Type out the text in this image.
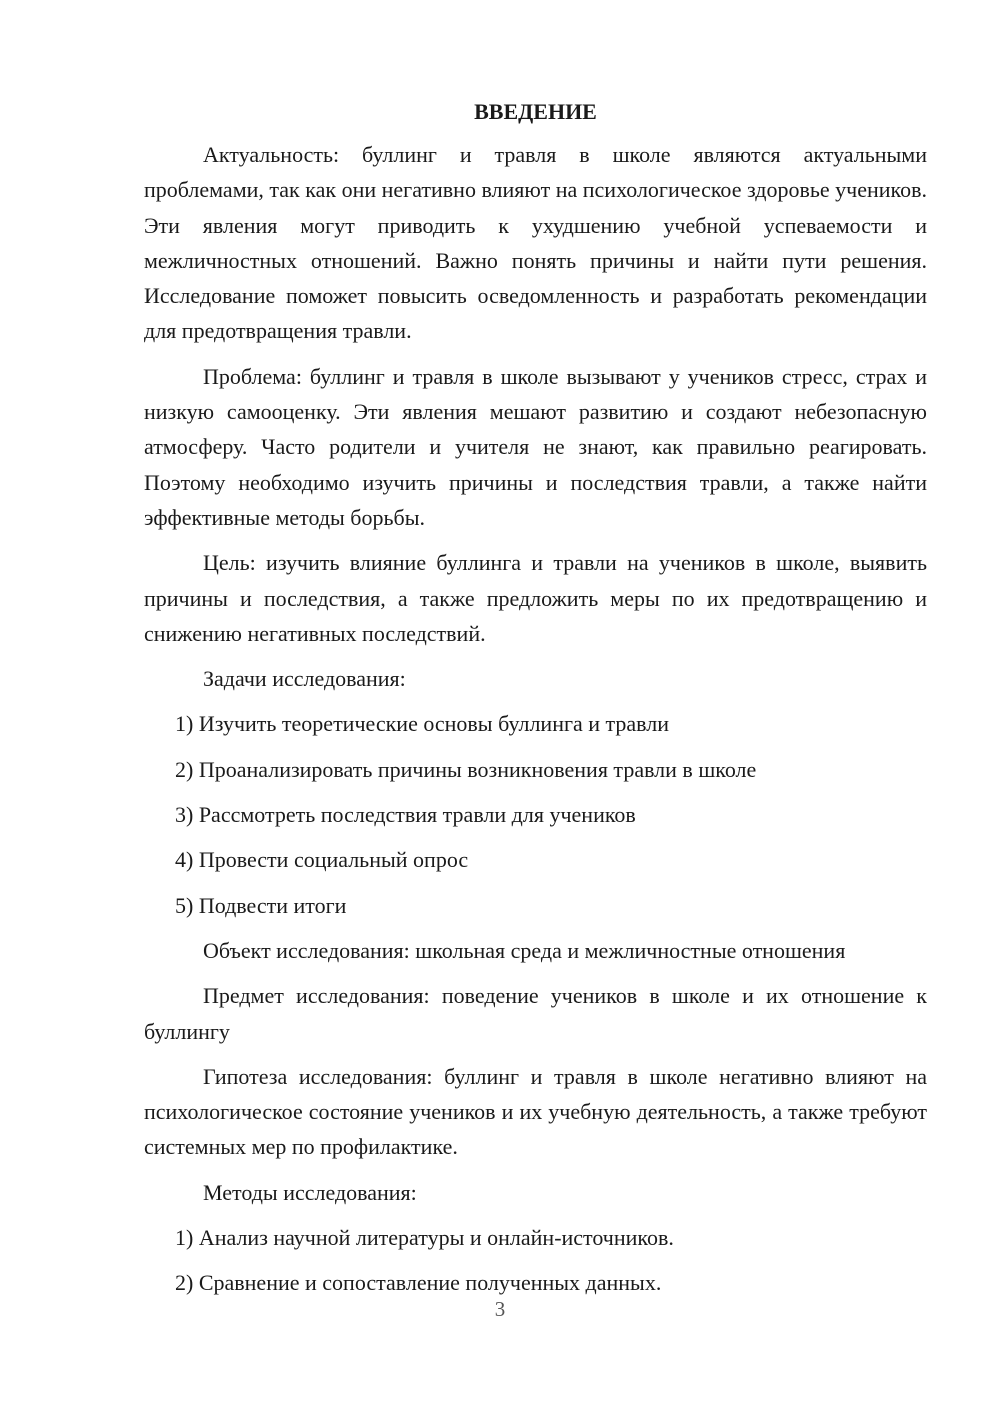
ВВЕДЕНИЕ

Актуальность: буллинг и травля в школе являются актуальными проблемами, так как они негативно влияют на психологическое здоровье учеников. Эти явления могут приводить к ухудшению учебной успеваемости и межличностных отношений. Важно понять причины и найти пути решения. Исследование поможет повысить осведомленность и разработать рекомендации для предотвращения травли.

Проблема: буллинг и травля в школе вызывают у учеников стресс, страх и низкую самооценку. Эти явления мешают развитию и создают небезопасную атмосферу. Часто родители и учителя не знают, как правильно реагировать. Поэтому необходимо изучить причины и последствия травли, а также найти эффективные методы борьбы.

Цель: изучить влияние буллинга и травли на учеников в школе, выявить причины и последствия, а также предложить меры по их предотвращению и снижению негативных последствий.

Задачи исследования:
1) Изучить теоретические основы буллинга и травли
2) Проанализировать причины возникновения травли в школе
3) Рассмотреть последствия травли для учеников
4) Провести социальный опрос
5) Подвести итоги

Объект исследования: школьная среда и межличностные отношения

Предмет исследования: поведение учеников в школе и их отношение к буллингу

Гипотеза исследования: буллинг и травля в школе негативно влияют на психологическое состояние учеников и их учебную деятельность, а также требуют системных мер по профилактике.

Методы исследования:
1) Анализ научной литературы и онлайн-источников.
2) Сравнение и сопоставление полученных данных.
3
